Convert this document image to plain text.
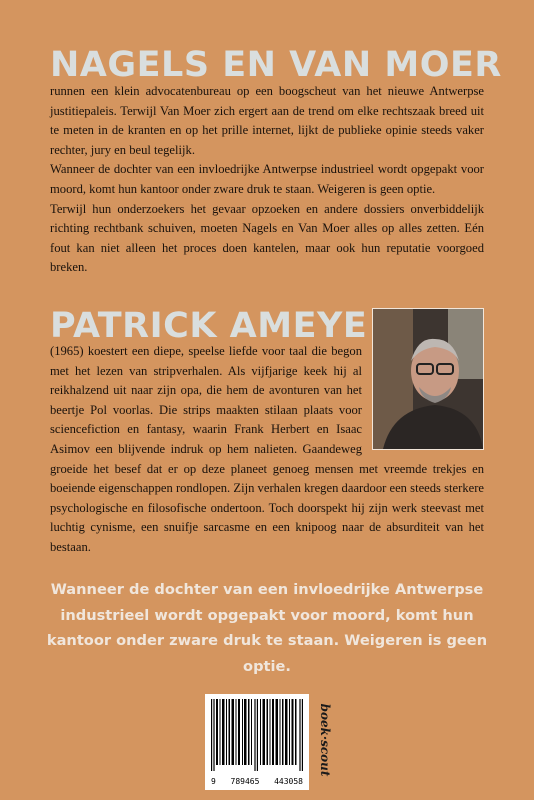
NAGELS EN VAN MOER

runnen een klein advocatenbureau op een boogscheut van het nieuwe Antwerpse justitiepaleis. Terwijl Van Moer zich ergert aan de trend om elke rechtszaak breed uit te meten in de kranten en op het prille internet, lijkt de publieke opinie steeds vaker rechter, jury en beul tegelijk.

Wanneer de dochter van een invloedrijke Antwerpse industrieel wordt opgepakt voor moord, komt hun kantoor onder zware druk te staan. Weigeren is geen optie.

Terwijl hun onderzoekers het gevaar opzoeken en andere dossiers onverbiddelijk richting rechtbank schuiven, moeten Nagels en Van Moer alles op alles zetten. Eén fout kan niet alleen het proces doen kantelen, maar ook hun reputatie voorgoed breken.

(1965) koestert een diepe, speelse liefde voor taal die begon met het lezen van stripverhalen. Als vijfjarige keek hij al reikhalzend uit naar zijn opa, die hem de avonturen van het beertje Pol voorlas. Die strips maakten stilaan plaats voor sciencefiction en fantasy, waarin Frank Herbert en Isaac Asimov een blijvende indruk op hem nalieten. Gaandeweg groeide het besef dat er op deze planeet genoeg mensen met vreemde trekjes en boeiende eigenschappen rondlopen. Zijn verhalen kregen daardoor een steeds sterkere psychologische en filosofische ondertoon. Toch doorspekt hij zijn werk steevast met luchtig cynisme, een snuifje sarcasme en een knipoog naar de absurditeit van het bestaan.

PATRICK AMEYE

Wanneer de dochter van een invloedrijke Antwerpse industrieel wordt opgepakt voor moord, komt hun kantoor onder zware druk te staan. Weigeren is geen optie.

9 789465 443058
boek·scout
